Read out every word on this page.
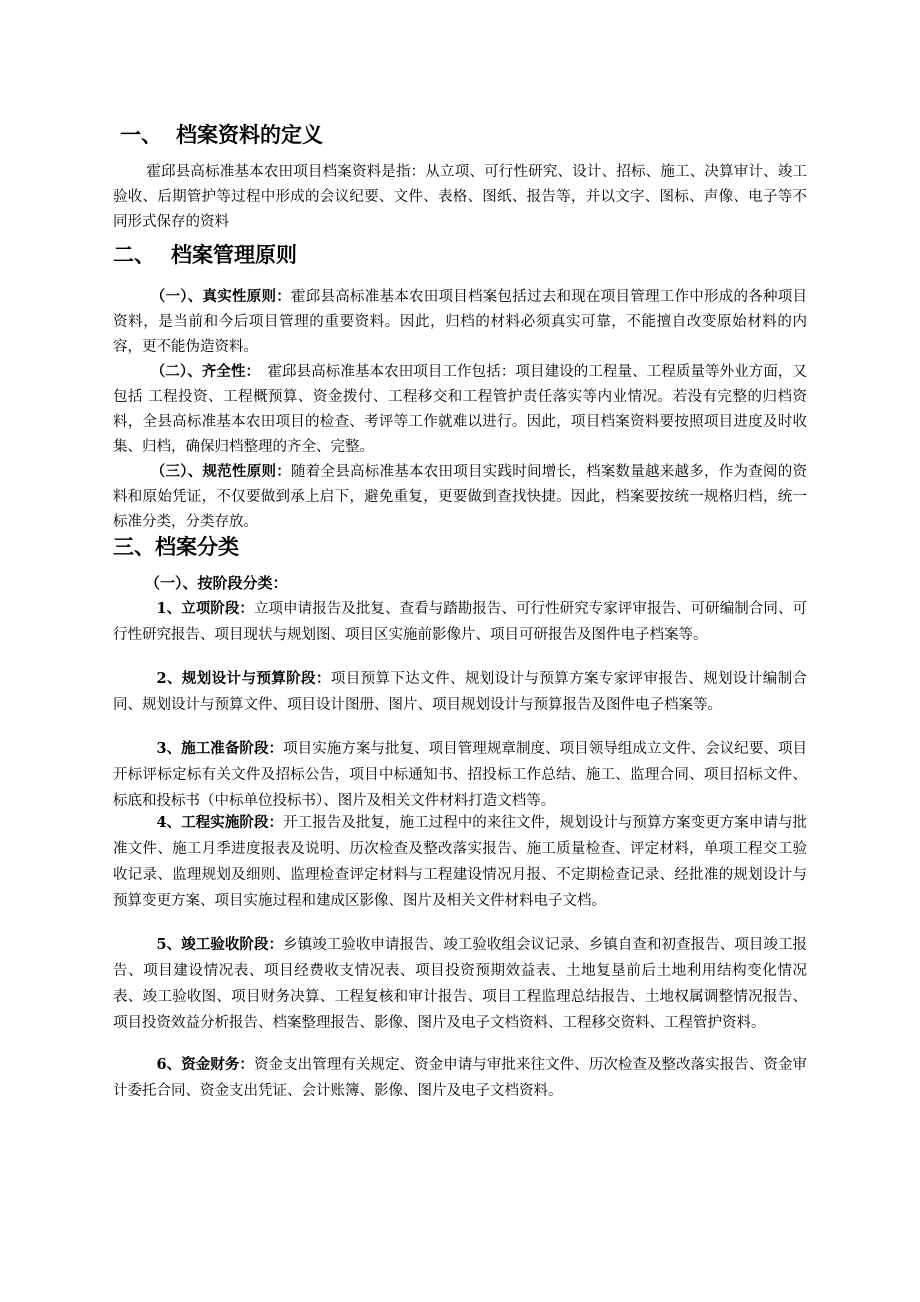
一、 档案资料的定义

霍邱县高标准基本农田项目档案资料是指：从立项、可行性研究、设计、招标、施工、决算审计、竣工验收、后期管护等过程中形成的会议纪要、文件、表格、图纸、报告等，并以文字、图标、声像、电子等不同形式保存的资料

二、 档案管理原则

（一）、真实性原则：霍邱县高标准基本农田项目档案包括过去和现在项目管理工作中形成的各种项目资料，是当前和今后项目管理的重要资料。因此，归档的材料必须真实可靠，不能擅自改变原始材料的内容，更不能伪造资料。

（二）、齐全性：　霍邱县高标准基本农田项目工作包括：项目建设的工程量、工程质量等外业方面，又包括 工程投资、工程概预算、资金拨付、工程移交和工程管护责任落实等内业情况。若没有完整的归档资料，全县高标准基本农田项目的检查、考评等工作就难以进行。因此，项目档案资料要按照项目进度及时收集、归档，确保归档整理的齐全、完整。

（三）、规范性原则：随着全县高标准基本农田项目实践时间增长，档案数量越来越多，作为查阅的资料和原始凭证，不仅要做到承上启下，避免重复，更要做到查找快捷。因此，档案要按统一规格归档，统一标准分类，分类存放。

三、档案分类

（一）、按阶段分类：

1、立项阶段：立项申请报告及批复、查看与踏勘报告、可行性研究专家评审报告、可研编制合同、可行性研究报告、项目现状与规划图、项目区实施前影像片、项目可研报告及图件电子档案等。

2、规划设计与预算阶段：项目预算下达文件、规划设计与预算方案专家评审报告、规划设计编制合同、规划设计与预算文件、项目设计图册、图片、项目规划设计与预算报告及图件电子档案等。

3、施工准备阶段：项目实施方案与批复、项目管理规章制度、项目领导组成立文件、会议纪要、项目开标评标定标有关文件及招标公告，项目中标通知书、招投标工作总结、施工、监理合同、项目招标文件、标底和投标书（中标单位投标书）、图片及相关文件材料打造文档等。

4、工程实施阶段：开工报告及批复，施工过程中的来往文件，规划设计与预算方案变更方案申请与批准文件、施工月季进度报表及说明、历次检查及整改落实报告、施工质量检查、评定材料，单项工程交工验收记录、监理规划及细则、监理检查评定材料与工程建设情况月报、不定期检查记录、经批准的规划设计与预算变更方案、项目实施过程和建成区影像、图片及相关文件材料电子文档。

5、竣工验收阶段：乡镇竣工验收申请报告、竣工验收组会议记录、乡镇自查和初查报告、项目竣工报告、项目建设情况表、项目经费收支情况表、项目投资预期效益表、土地复垦前后土地利用结构变化情况表、竣工验收图、项目财务决算、工程复核和审计报告、项目工程监理总结报告、土地权属调整情况报告、项目投资效益分析报告、档案整理报告、影像、图片及电子文档资料、工程移交资料、工程管护资料。

6、资金财务：资金支出管理有关规定、资金申请与审批来往文件、历次检查及整改落实报告、资金审计委托合同、资金支出凭证、会计账簿、影像、图片及电子文档资料。
